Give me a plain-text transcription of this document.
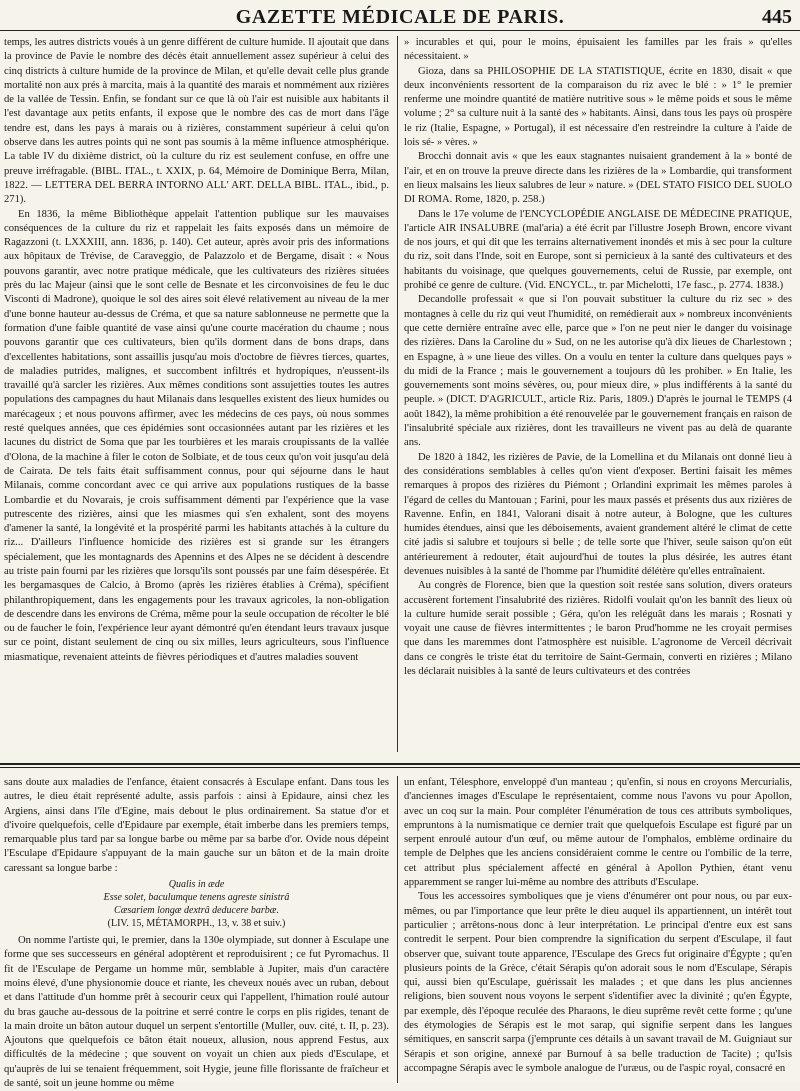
GAZETTE MÉDICALE DE PARIS.	445

temps, les autres districts voués à un genre différent de culture humide. Il ajoutait que dans la province de Pavie le nombre des décès était annuellement assez supérieur à celui des cinq districts à culture humide de la province de Milan, et qu'elle devait celle plus grande mortalité non aux prés à marcita, mais à la quantité des marais et nommément aux rizières de la vallée de Tessin. Enfin, se fondant sur ce que là où l'air est nuisible aux habitants il l'est davantage aux petits enfants, il expose que le nombre des cas de mort dans l'âge tendre est, dans les pays à marais ou à rizières, constamment supérieur à celui qu'on observe dans les autres points qui ne sont pas soumis à la même influence atmosphérique. La table IV du dixième district, où la culture du riz est seulement confuse, en offre une preuve irréfragable. (BIBL. ITAL., t. XXIX, p. 64, Mémoire de Dominique Berra, Milan, 1822. — LETTERA DEL BERRA INTORNO ALL' ART. DELLA BIBL. ITAL., ibid., p. 271).

En 1836, la même Bibliothèque appelait l'attention publique sur les mauvaises conséquences de la culture du riz et rappelait les faits exposés dans un mémoire de Ragazzoni (t. LXXXIII, ann. 1836, p. 140). Cet auteur, après avoir pris des informations aux hôpitaux de Trévise, de Caraveggio, de Palazzolo et de Bergame, disait : « Nous pouvons garantir, avec notre pratique médicale, que les cultivateurs des rizières situées près du lac Majeur (ainsi que le sont celle de Besnate et les circonvoisines de feu le duc Visconti di Madrone), quoique le sol des aires soit élevé relativement au niveau de la mer d'une bonne hauteur au-dessus de Créma, et que sa nature sablonneuse ne permette que la formation d'une faible quantité de vase ainsi qu'une courte macération du chaume ; nous pouvons garantir que ces cultivateurs, bien qu'ils dorment dans de bons draps, dans d'excellentes habitations, sont assaillis jusqu'au mois d'octobre de fièvres tierces, quartes, de maladies putrides, malignes, et succombent infiltrés et hydropiques, n'eussent-ils travaillé qu'à sarcler les rizières. Aux mêmes conditions sont assujetties toutes les autres populations des campagnes du haut Milanais dans lesquelles existent des lieux humides ou marécageux ; et nous pouvons affirmer, avec les médecins de ces pays, où nous sommes resté quelques années, que ces épidémies sont occasionnées autant par les rizières et les lacunes du district de Soma que par les tourbières et les marais croupissants de la vallée d'Olona, de la machine à filer le coton de Solbiate, et de tous ceux qu'on voit jusqu'au delà de Cairata. De tels faits était suffisamment connus, pour qui séjourne dans le haut Milanais, comme concordant avec ce qui arrive aux populations rustiques de la basse Lombardie et du Novarais, je crois suffisamment démenti par l'expérience que la vase putrescente des rizières, ainsi que les miasmes qui s'en exhalent, sont des moyens d'amener la santé, la longévité et la prospérité parmi les habitants attachés à la culture du riz... D'ailleurs l'influence homicide des rizières est si grande sur les étrangers spécialement, que les montagnards des Apennins et des Alpes ne se décident à descendre au triste pain fourni par les rizières que lorsqu'ils sont poussés par une faim désespérée. Et les bergamasques de Calcio, à Bromo (après les rizières établies à Créma), spécifient philanthropiquement, dans les engagements pour les travaux agricoles, la non-obligation de descendre dans les environs de Créma, même pour la seule occupation de récolter le blé ou de faucher le foin, l'expérience leur ayant démontré qu'en étendant leurs travaux jusque sur ce point, distant seulement de cinq ou six milles, leurs agriculteurs, sous l'influence miasmatique, revenaient atteints de fièvres périodiques et d'autres maladies souvent

» incurables et qui, pour le moins, épuisaient les familles par les frais » qu'elles nécessitaient. »

Gioza, dans sa PHILOSOPHIE DE LA STATISTIQUE, écrite en 1830, disait « que deux inconvénients ressortent de la comparaison du riz avec le blé : » 1° le premier renferme une moindre quantité de matière nutritive sous » le même poids et sous le même volume ; 2° sa culture nuit à la santé des » habitants. Ainsi, dans tous les pays où prospère le riz (Italie, Espagne, » Portugal), il est nécessaire d'en restreindre la culture à l'aide de lois sé- » vères. »

Brocchi donnait avis « que les eaux stagnantes nuisaient grandement à la » bonté de l'air, et en on trouve la preuve directe dans les rizières de la » Lombardie, qui transforment en lieux malsains les lieux salubres de leur » nature. » (DEL STATO FISICO DEL SUOLO DI ROMA. Rome, 1820, p. 258.)

Dans le 17e volume de l'ENCYCLOPÉDIE ANGLAISE DE MÉDECINE PRATIQUE, l'article AIR INSALUBRE (mal'aria) a été écrit par l'illustre Joseph Brown, encore vivant de nos jours, et qui dit que les terrains alternativement inondés et mis à sec pour la culture du riz, soit dans l'Inde, soit en Europe, sont si pernicieux à la santé des cultivateurs et des habitants du voisinage, que quelques gouvernements, celui de Russie, par exemple, ont prohibé ce genre de culture. (Vid. ENCYCL., tr. par Michelotti, 17e fasc., p. 2774. 1838.)

Decandolle professait « que si l'on pouvait substituer la culture du riz sec » des montagnes à celle du riz qui veut l'humidité, on remédierait aux » nombreux inconvénients que cette dernière entraîne avec elle, parce que » l'on ne peut nier le danger du voisinage des rizières. Dans la Caroline du » Sud, on ne les autorise qu'à dix lieues de Charlestown ; en Espagne, à » une lieue des villes. On a voulu en tenter la culture dans quelques pays » du midi de la France ; mais le gouvernement a toujours dû les prohiber. » En Italie, les gouvernements sont moins sévères, ou, pour mieux dire, » plus indifférents à la santé du peuple. » (DICT. D'AGRICULT., article Riz. Paris, 1809.) D'après le journal le TEMPS (4 août 1842), la même prohibition a été renouvelée par le gouvernement français en raison de l'insalubrité spéciale aux rizières, dont les travailleurs ne vivent pas au delà de quarante ans.

De 1820 à 1842, les rizières de Pavie, de la Lomellina et du Milanais ont donné lieu à des considérations semblables à celles qu'on vient d'exposer. Bertini faisait les mêmes remarques à propos des rizières du Piémont ; Orlandini exprimait les mêmes paroles à l'égard de celles du Mantouan ; Farini, pour les maux passés et présents dus aux rizières de Ravenne. Enfin, en 1841, Valorani disait à notre auteur, à Bologne, que les cultures humides étendues, ainsi que les déboisements, avaient grandement altéré le climat de cette cité jadis si salubre et toujours si belle ; de telle sorte que l'hiver, seule saison qu'on eût antérieurement à redouter, était aujourd'hui de toutes la plus désirée, les autres étant devenues nuisibles à la santé de l'homme par l'humidité délétère qu'elles entraînaient.

Au congrès de Florence, bien que la question soit restée sans solution, divers orateurs accusèrent fortement l'insalubrité des rizières. Ridolfi voulait qu'on les bannît des lieux où la culture humide serait possible ; Géra, qu'on les reléguât dans les marais ; Rosnati y voyait une cause de fièvres intermittentes ; le baron Prud'homme ne les croyait permises que dans les maremmes dont l'atmosphère est nuisible. L'agronome de Verceil décrivait dans ce congrès le triste état du territoire de Saint-Germain, converti en rizières ; Milano les déclarait nuisibles à la santé de leurs cultivateurs et des contrées

sans doute aux maladies de l'enfance, étaient consacrés à Esculape enfant. Dans tous les autres, le dieu était représenté adulte, assis parfois : ainsi à Epidaure, ainsi chez les Argiens, ainsi dans l'île d'Egine, mais debout le plus ordinairement. Sa statue d'or et d'ivoire quelquefois, celle d'Epidaure par exemple, était imberbe dans les premiers temps, remarquable plus tard par sa longue barbe ou même par sa barbe d'or. Ovide nous dépeint l'Esculape d'Epidaure s'appuyant de la main gauche sur un bâton et de la main droite caressant sa longue barbe :

Qualis in æde
Esse solet, baculumque tenens agreste sinistrâ
Cæsariem longæ dextrâ deducere barbæ.
(LIV. 15, MÉTAMORPH., 13, v. 38 et suiv.)

On nomme l'artiste qui, le premier, dans la 130e olympiade, sut donner à Esculape une forme que ses successeurs en général adoptèrent et reproduisirent ; ce fut Pyromachus. Il fit de l'Esculape de Pergame un homme mûr, semblable à Jupiter, mais d'un caractère moins élevé, d'une physionomie douce et riante, les cheveux noués avec un ruban, debout et dans l'attitude d'un homme prêt à secourir ceux qui l'appellent, l'himation roulé autour du bras gauche au-dessous de la poitrine et serré contre le corps en plis rigides, tenant de la main droite un bâton autour duquel un serpent s'entortille (Muller, ouv. cité, t. II, p. 23). Ajoutons que quelquefois ce bâton était noueux, allusion, nous apprend Festus, aux difficultés de la médecine ; que souvent on voyait un chien aux pieds d'Esculape, et qu'auprès de lui se tenaient fréquemment, soit Hygie, jeune fille florissante de fraîcheur et de santé, soit un jeune homme ou même

un enfant, Télesphore, enveloppé d'un manteau ; qu'enfin, si nous en croyons Mercurialis, d'anciennes images d'Esculape le représentaient, comme nous l'avons vu pour Apollon, avec un coq sur la main. Pour compléter l'énumération de tous ces attributs symboliques, empruntons à la numismatique ce dernier trait que quelquefois Esculape est figuré par un serpent enroulé autour d'un œuf, ou même autour de l'omphalos, emblème ordinaire du temple de Delphes que les anciens considéraient comme le centre ou l'ombilic de la terre, cet attribut plus spécialement affecté en général à Apollon Pythien, étant venu apparemment se ranger lui-même au nombre des attributs d'Esculape.

Tous les accessoires symboliques que je viens d'énumérer ont pour nous, ou par eux-mêmes, ou par l'importance que leur prête le dieu auquel ils appartiennent, un intérêt tout particulier ; arrêtons-nous donc à leur interprétation. Le principal d'entre eux est sans contredit le serpent. Pour bien comprendre la signification du serpent d'Esculape, il faut observer que, suivant toute apparence, l'Esculape des Grecs fut originaire d'Égypte ; qu'en plusieurs points de la Grèce, c'était Sérapis qu'on adorait sous le nom d'Esculape, Sérapis qui, aussi bien qu'Esculape, guérissait les malades ; et que dans les plus anciennes religions, bien souvent nous voyons le serpent s'identifier avec la divinité ; qu'en Égypte, par exemple, dès l'époque reculée des Pharaons, le dieu suprême revêt cette forme ; qu'une des étymologies de Sérapis est le mot sarap, qui signifie serpent dans les langues sémitiques, en sanscrit sarpa (j'emprunte ces détails à un savant travail de M. Guigniaut sur Sérapis et son origine, annexé par Burnouf à sa belle traduction de Tacite) ; qu'Isis accompagne Sérapis avec le symbole analogue de l'uræus, ou de l'aspic royal, consacré en
